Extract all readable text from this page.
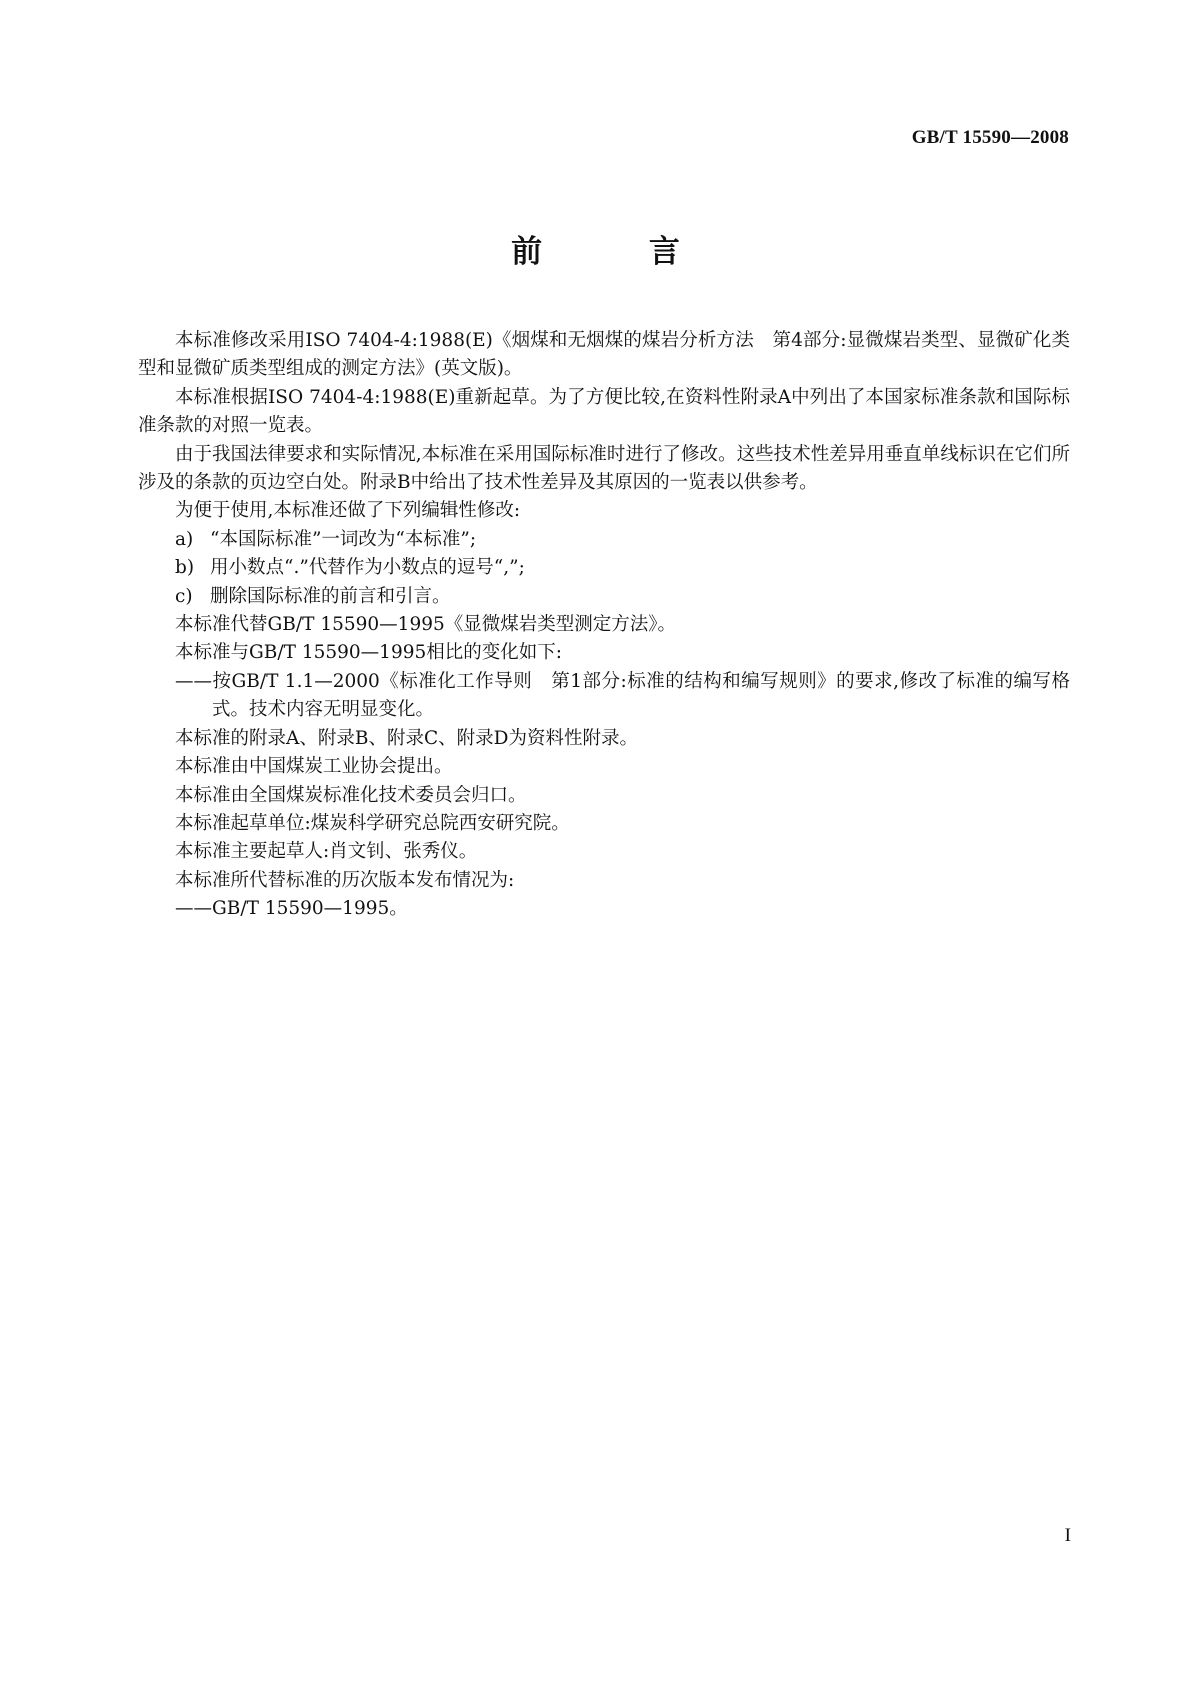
GB/T 15590—2008
前 言

本标准修改采用ISO 7404-4:1988(E)《烟煤和无烟煤的煤岩分析方法　第4部分:显微煤岩类型、显微矿化类型和显微矿质类型组成的测定方法》(英文版)。

本标准根据ISO 7404-4:1988(E)重新起草。为了方便比较,在资料性附录A中列出了本国家标准条款和国际标准条款的对照一览表。

由于我国法律要求和实际情况,本标准在采用国际标准时进行了修改。这些技术性差异用垂直单线标识在它们所涉及的条款的页边空白处。附录B中给出了技术性差异及其原因的一览表以供参考。

为便于使用,本标准还做了下列编辑性修改:

a) “本国际标准”一词改为“本标准”;

b) 用小数点“.”代替作为小数点的逗号“,”;

c) 删除国际标准的前言和引言。

本标准代替GB/T 15590—1995《显微煤岩类型测定方法》。

本标准与GB/T 15590—1995相比的变化如下:

——按GB/T 1.1—2000《标准化工作导则　第1部分:标准的结构和编写规则》的要求,修改了标准的编写格式。技术内容无明显变化。

本标准的附录A、附录B、附录C、附录D为资料性附录。

本标准由中国煤炭工业协会提出。

本标准由全国煤炭标准化技术委员会归口。

本标准起草单位:煤炭科学研究总院西安研究院。

本标准主要起草人:肖文钊、张秀仪。

本标准所代替标准的历次版本发布情况为:

——GB/T 15590—1995。

I
